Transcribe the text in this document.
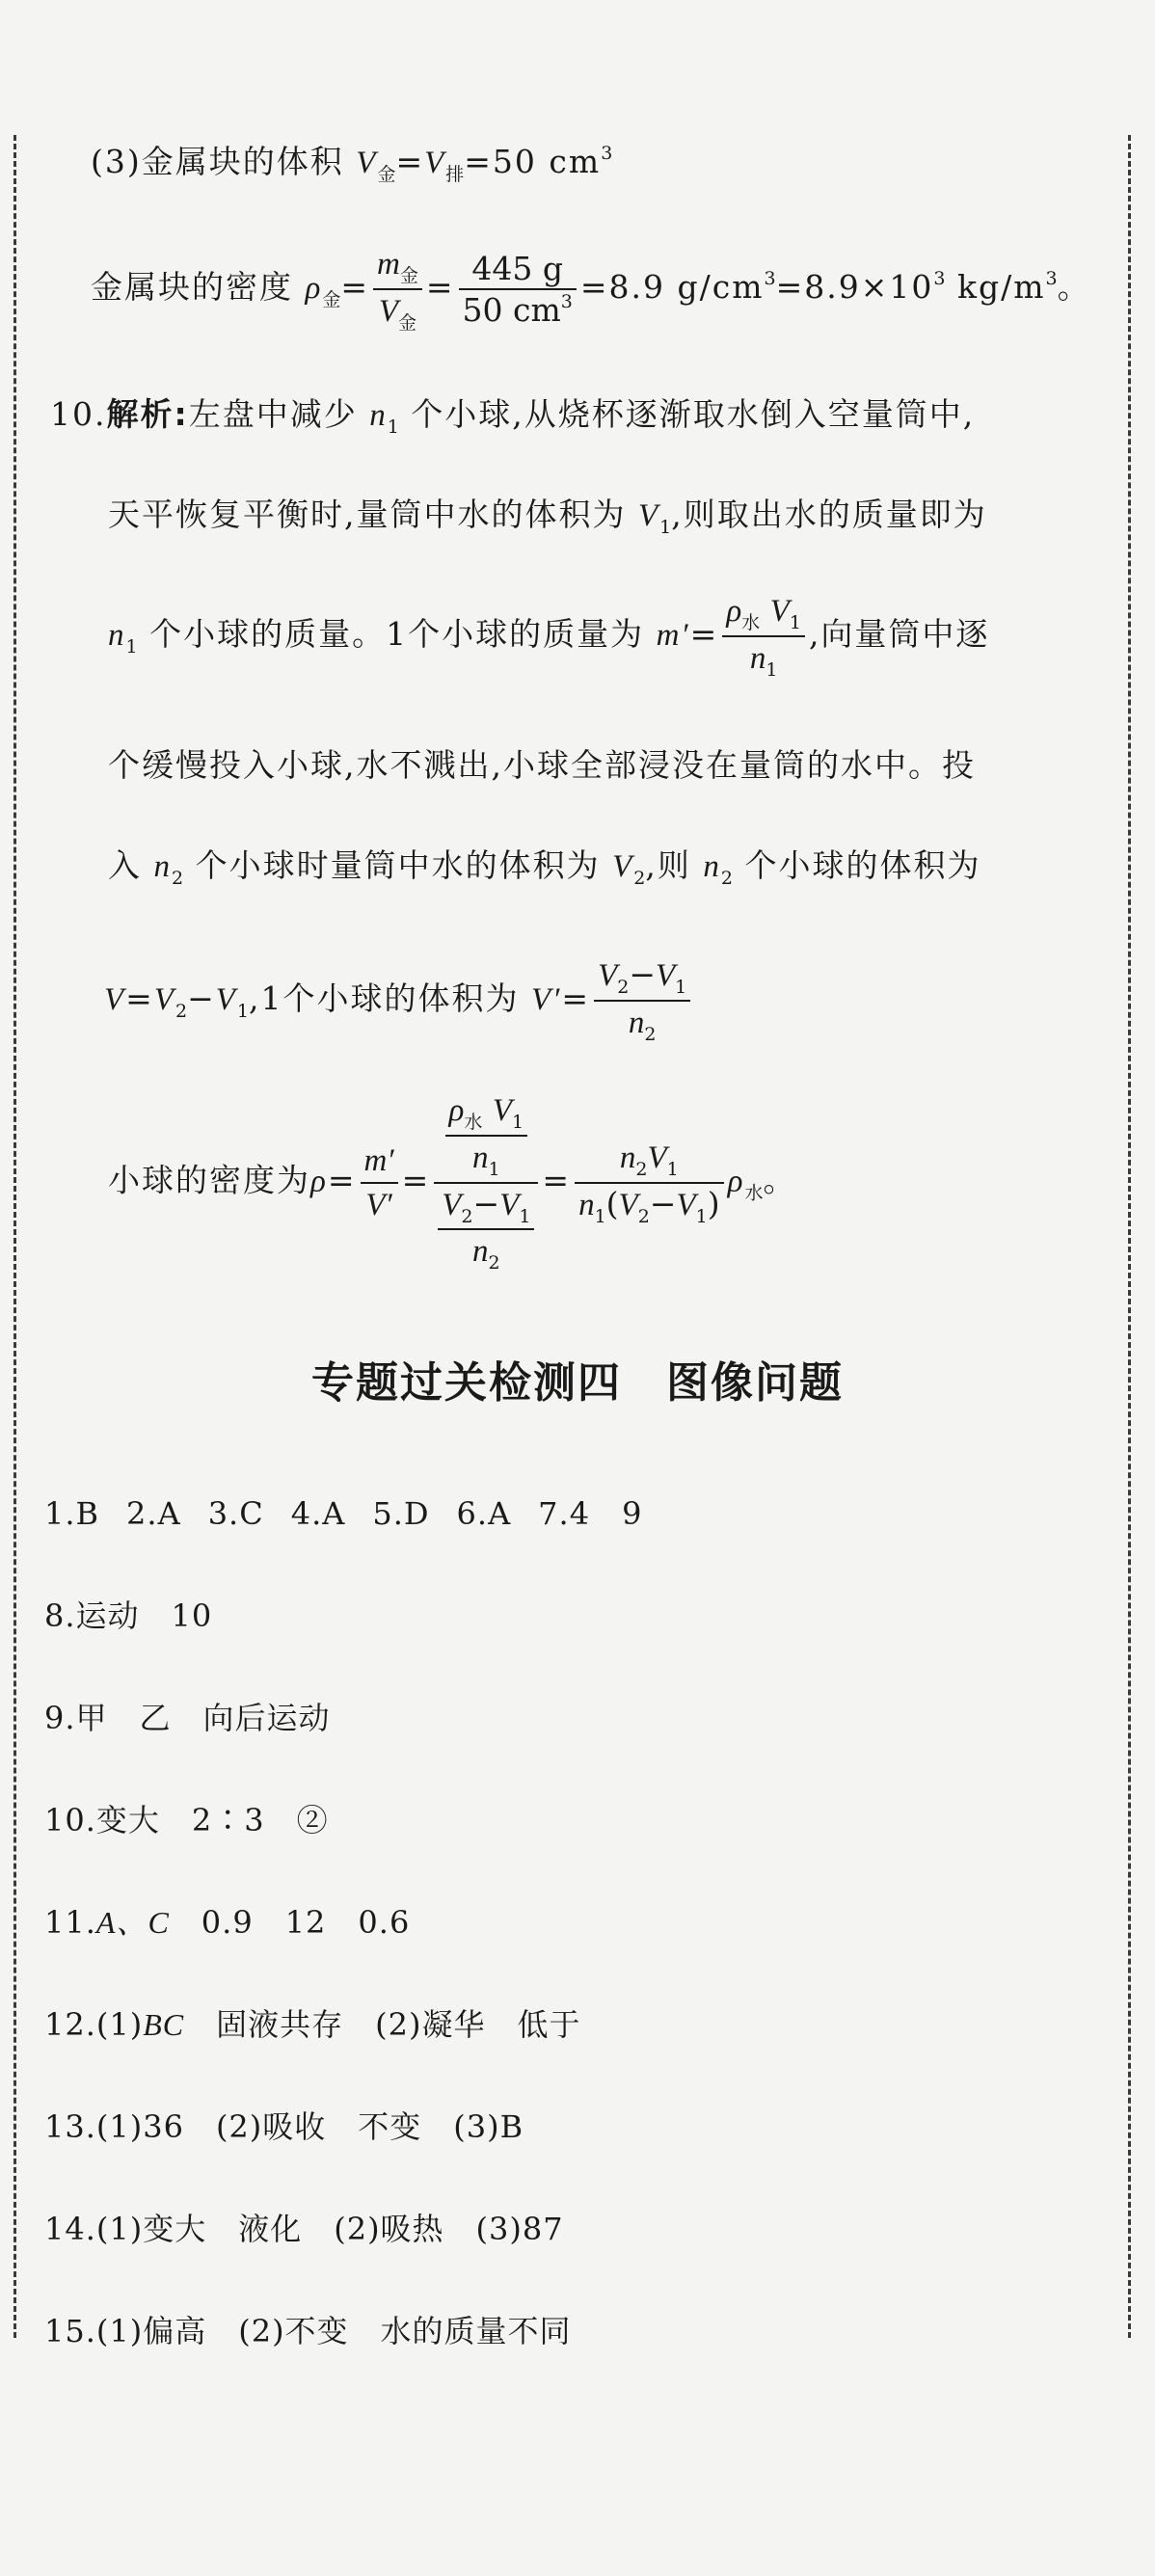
(3)金属块的体积 $V_金=V_排=50$ $cm^3$
金属块的密度 $\rho_金= \frac{m_金}{V_金} = \frac{445 g}{50 cm^3} =8.9$ $g/cm^3=8.9\times 10^3$ $kg/m^3$。
10.解析:左盘中减少 $n_1$ 个小球,从烧杯逐渐取水倒入空量筒中,
天平恢复平衡时,量筒中水的体积为 $V_1$,则取出水的质量即为
$n_1$ 个小球的质量。1个小球的质量为 $m'= \frac{\rho_水 V_1}{n_1}$ ,向量筒中逐
个缓慢投入小球,水不溅出,小球全部浸没在量筒的水中。投
入 $n_2$ 个小球时量筒中水的体积为 $V_2$,则 $n_2$ 个小球的体积为
$V=V_2-V_1,1$个小球的体积为 $V'= \frac{V_2-V_1}{n_2}$
小球的密度为$\rho= \frac{m'}{V'} = \frac{\frac{\rho_水 V_1}{n_1}}{\frac{V_2-V_1}{n_2}} = \frac{n_2V_1}{n_1(V_2-V_1)} \rho_水$。
专题过关检测四　图像问题
1.B 2.A 3.C 4.A 5.D 6.A 7.4　9
8.运动　10
9.甲　乙　向后运动
10.变大　2∶3　②
11.A、C　0.9　12　0.6
12.(1)BC　固液共存　(2)凝华　低于
13.(1)36　(2)吸收　不变　(3)B
14.(1)变大　液化　(2)吸热　(3)87
15.(1)偏高　(2)不变　水的质量不同
